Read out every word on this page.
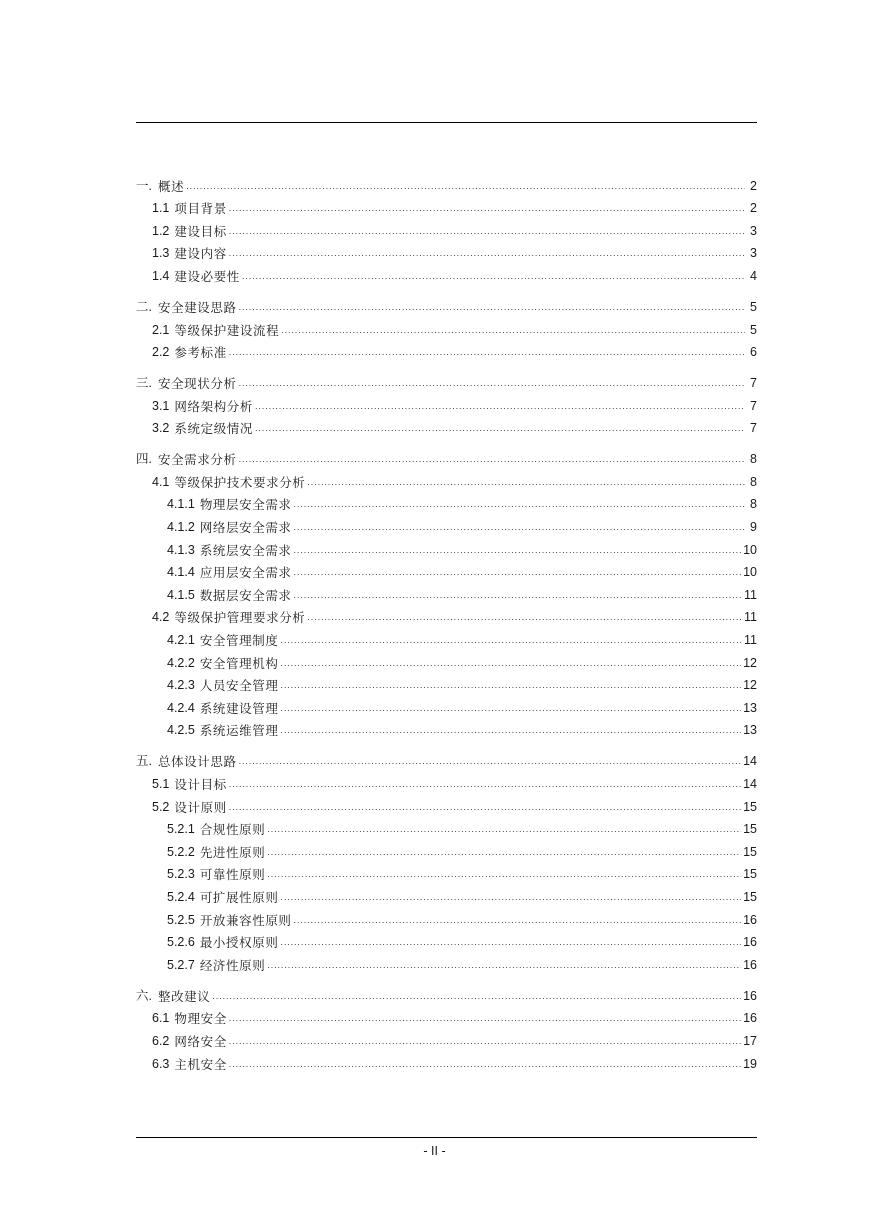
一. 概述 .....	2
1.1 项目背景 .....	2
1.2 建设目标 .....	3
1.3 建设内容 .....	3
1.4 建设必要性 .....	4
二. 安全建设思路 .....	5
2.1 等级保护建设流程 .....	5
2.2 参考标准 .....	6
三. 安全现状分析 .....	7
3.1 网络架构分析 .....	7
3.2 系统定级情况 .....	7
四. 安全需求分析 .....	8
4.1 等级保护技术要求分析 .....	8
4.1.1 物理层安全需求 .....	8
4.1.2 网络层安全需求 .....	9
4.1.3 系统层安全需求 .....	10
4.1.4 应用层安全需求 .....	10
4.1.5 数据层安全需求 .....	11
4.2 等级保护管理要求分析 .....	11
4.2.1 安全管理制度 .....	11
4.2.2 安全管理机构 .....	12
4.2.3 人员安全管理 .....	12
4.2.4 系统建设管理 .....	13
4.2.5 系统运维管理 .....	13
五. 总体设计思路 .....	14
5.1 设计目标 .....	14
5.2 设计原则 .....	15
5.2.1 合规性原则 .....	15
5.2.2 先进性原则 .....	15
5.2.3 可靠性原则 .....	15
5.2.4 可扩展性原则 .....	15
5.2.5 开放兼容性原则 .....	16
5.2.6 最小授权原则 .....	16
5.2.7 经济性原则 .....	16
六. 整改建议 .....	16
6.1 物理安全 .....	16
6.2 网络安全 .....	17
6.3 主机安全 .....	19
- II -
